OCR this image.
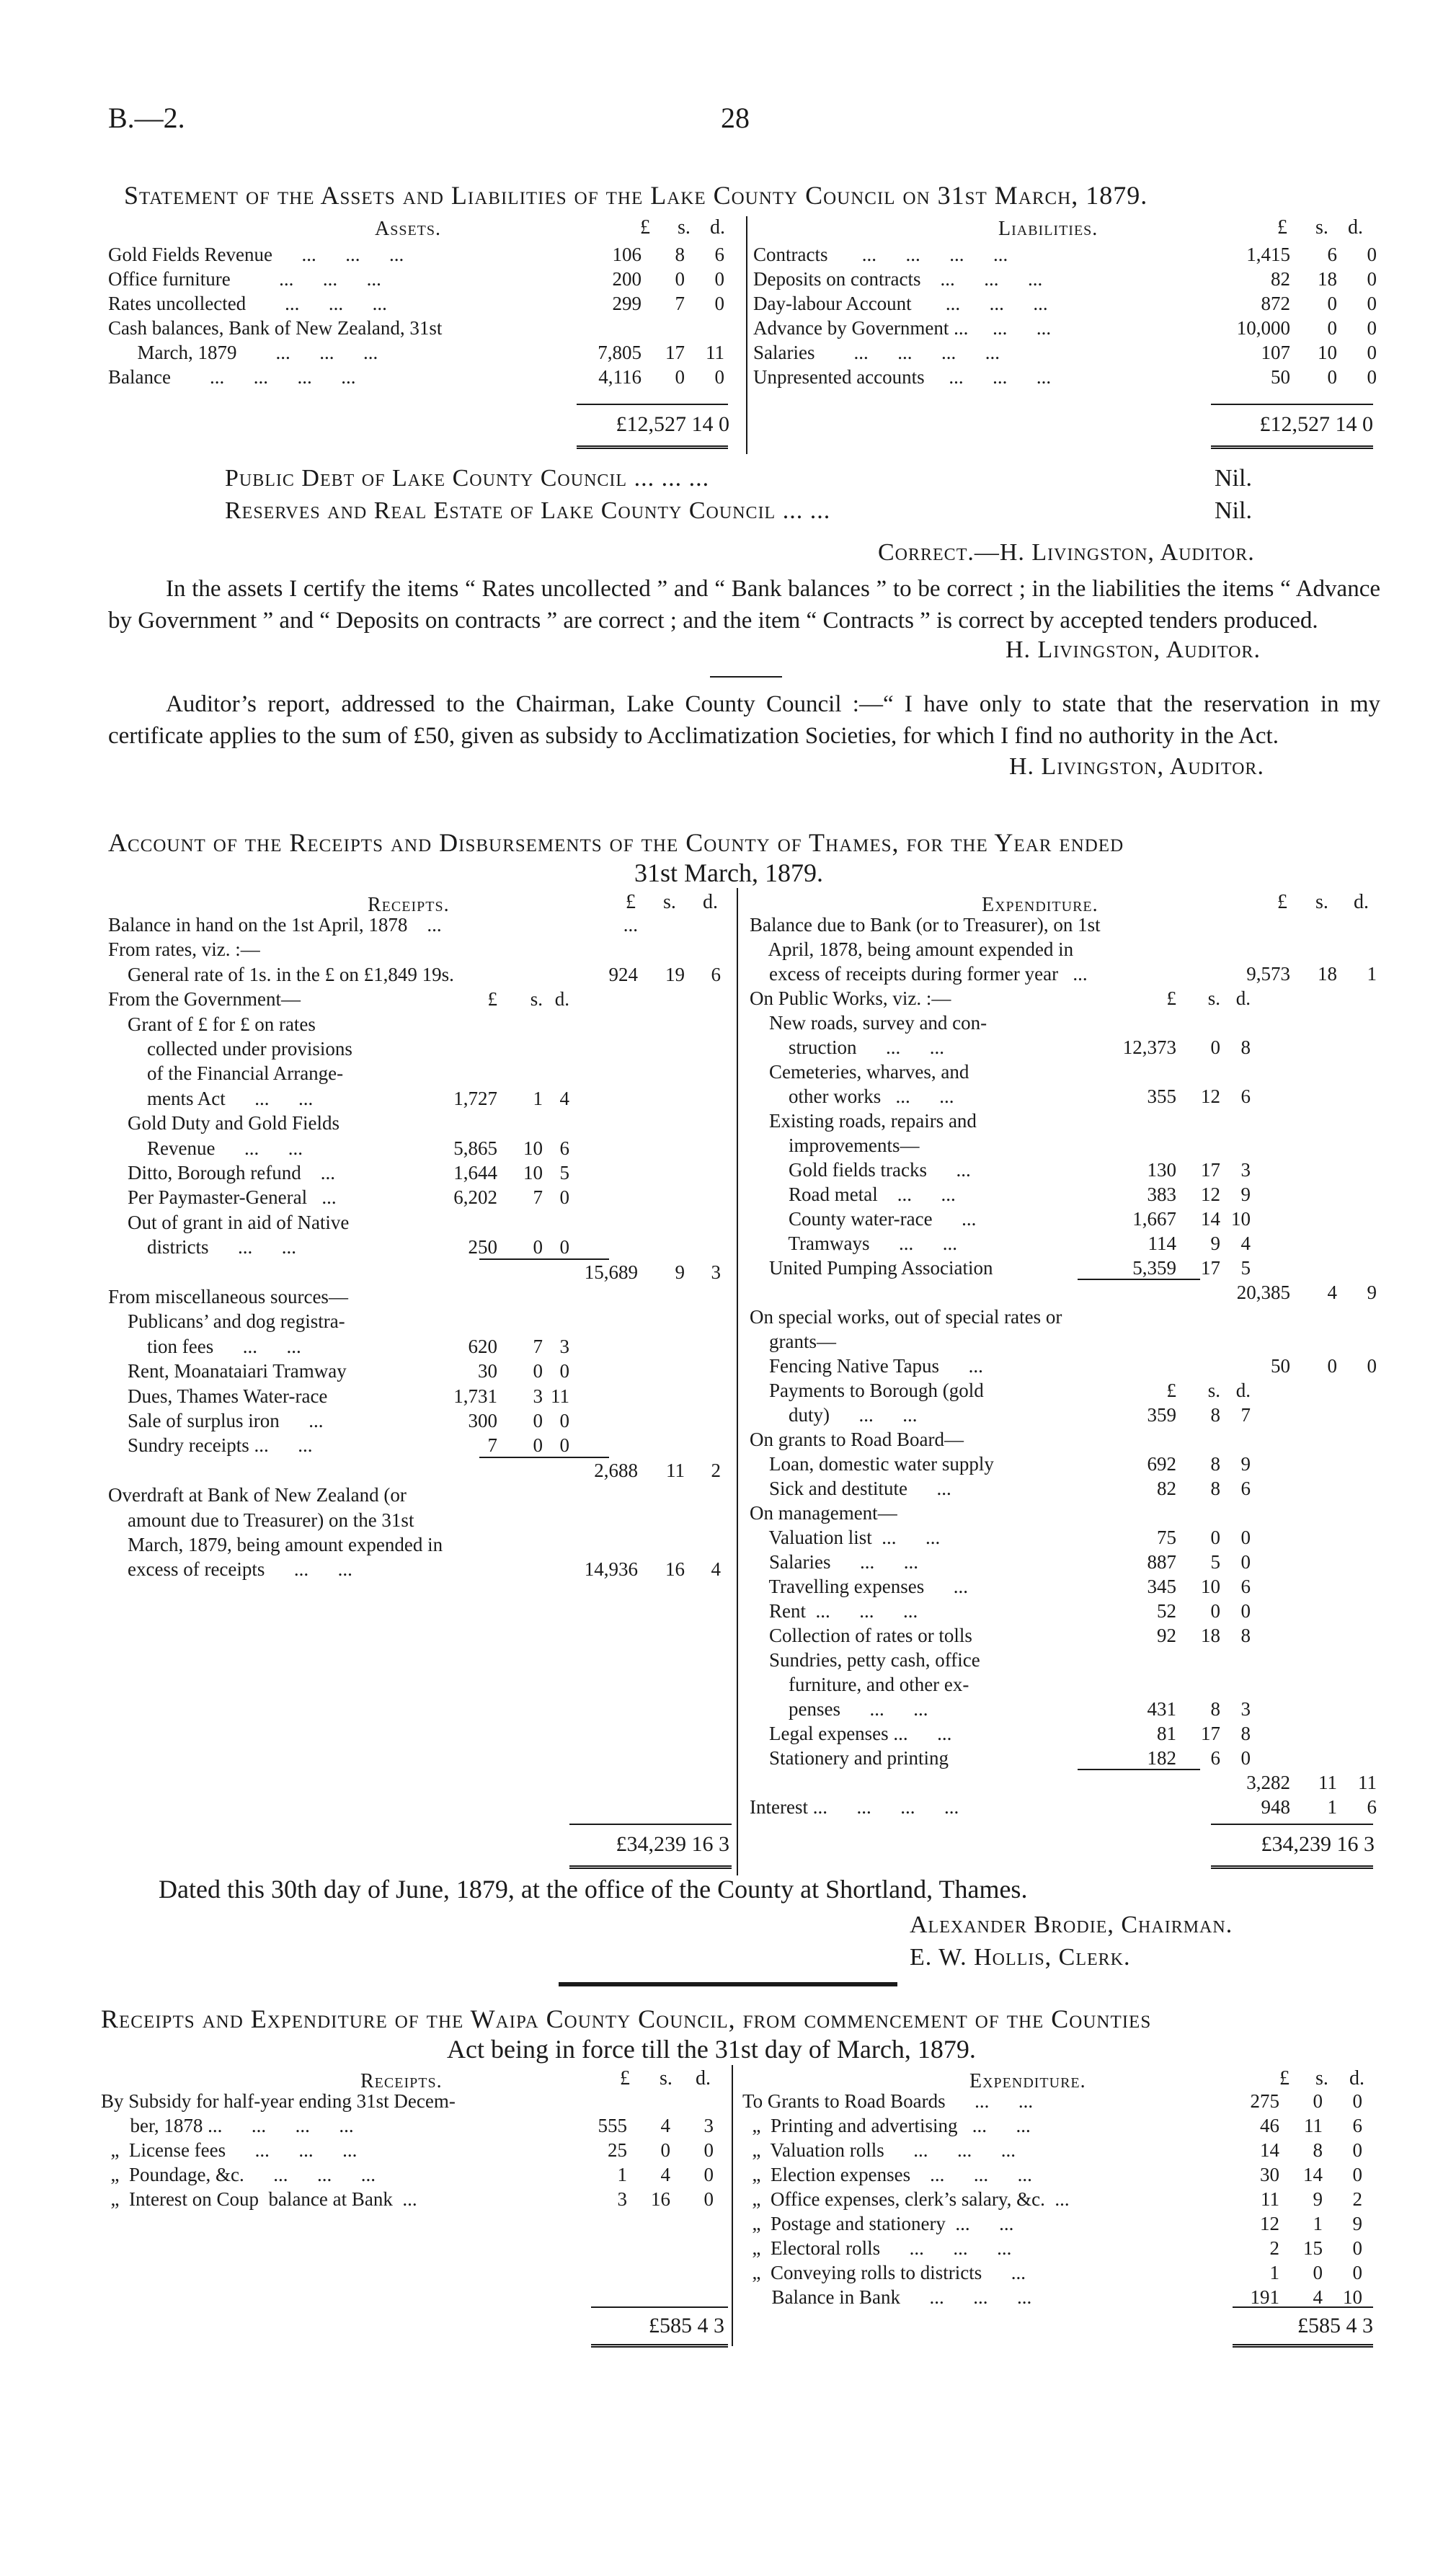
B.—2.	28
Statement of the Assets and Liabilities of the Lake County Council on 31st March, 1879.
Assets.	Liabilities.
£ s. d.	£ s. d.
Gold Fields Revenue      ...      ...      ...	106 8 6
Office furniture          ...      ...      ...	200 0 0
Rates uncollected        ...      ...      ...	299 7 0
Cash balances, Bank of New Zealand, 31st
March, 1879        ...      ...      ...	7,805 17 11
Balance        ...      ...      ...      ...	4,116 0 0
Contracts       ...      ...      ...      ...	1,415 6 0
Deposits on contracts    ...      ...      ...	82 18 0
Day-labour Account       ...      ...      ...	872 0 0
Advance by Government ...     ...      ...	10,000 0 0
Salaries        ...      ...      ...      ...	107 10 0
Unpresented accounts     ...      ...      ...	50 0 0
£12,527 14 0	£12,527 14 0
Public Debt of Lake County Council ... ... ...	Nil.
Reserves and Real Estate of Lake County Council ... ...	Nil.
Correct.—H. Livingston, Auditor.
In the assets I certify the items “ Rates uncollected ” and “ Bank balances ” to be correct ; in the liabilities the items “ Advance by Government ” and “ Deposits on contracts ” are correct ; and the item “ Contracts ” is correct by accepted tenders produced.
H. Livingston, Auditor.
Auditor’s report, addressed to the Chairman, Lake County Council :—“ I have only to state that the reservation in my certificate applies to the sum of £50, given as subsidy to Acclimatization Societies, for which I find no authority in the Act.
H. Livingston, Auditor.
Account of the Receipts and Disbursements of the County of Thames, for the Year ended
31st March, 1879.
Receipts.	£ s. d.	Expenditure.	£ s. d.
Balance in hand on the 1st April, 1878    ...	...
From rates, viz. :—
General rate of 1s. in the £ on £1,849 19s.	924 19 6
From the Government—	£ s. d.
Grant of £ for £ on rates
collected under provisions
of the Financial Arrange-
ments Act      ...      ...	1,727 1 4
Gold Duty and Gold Fields
Revenue      ...      ...	5,865 10 6
Ditto, Borough refund    ...	1,644 10 5
Per Paymaster-General   ...	6,202 7 0
Out of grant in aid of Native
districts      ...      ...	250 0 0
15,689 9 3
From miscellaneous sources—
Publicans’ and dog registra-
tion fees      ...      ...	620 7 3
Rent, Moanataiari Tramway	30 0 0
Dues, Thames Water-race	1,731 3 11
Sale of surplus iron      ...	300 0 0
Sundry receipts ...      ...	7 0 0
2,688 11 2
Overdraft at Bank of New Zealand (or
amount due to Treasurer) on the 31st
March, 1879, being amount expended in
excess of receipts      ...      ...	14,936 16 4
Balance due to Bank (or to Treasurer), on 1st
April, 1878, being amount expended in
excess of receipts during former year   ...	9,573 18 1
On Public Works, viz. :—	£ s. d.
New roads, survey and con-
struction      ...      ...	12,373 0 8
Cemeteries, wharves, and
other works   ...      ...	355 12 6
Existing roads, repairs and
improvements—
Gold fields tracks      ...	130 17 3
Road metal    ...      ...	383 12 9
County water-race      ...	1,667 14 10
Tramways      ...      ...	114 9 4
United Pumping Association	5,359 17 5
20,385 4 9
On special works, out of special rates or
grants—
Fencing Native Tapus      ...	50 0 0
Payments to Borough (gold	£ s. d.
duty)      ...      ...	359 8 7
On grants to Road Board—
Loan, domestic water supply	692 8 9
Sick and destitute      ...	82 8 6
On management—
Valuation list  ...      ...	75 0 0
Salaries      ...      ...	887 5 0
Travelling expenses      ...	345 10 6
Rent  ...      ...      ...	52 0 0
Collection of rates or tolls	92 18 8
Sundries, petty cash, office
furniture, and other ex-
penses      ...      ...	431 8 3
Legal expenses ...      ...	81 17 8
Stationery and printing	182 6 0
3,282 11 11
Interest ...      ...      ...      ...	948 1 6
£34,239 16 3	£34,239 16 3
Dated this 30th day of June, 1879, at the office of the County at Shortland, Thames.
Alexander Brodie, Chairman.
E. W. Hollis, Clerk.
Receipts and Expenditure of the Waipa County Council, from commencement of the Counties
Act being in force till the 31st day of March, 1879.
Receipts.	£ s. d.	Expenditure.	£ s. d.
By Subsidy for half-year ending 31st Decem-
ber, 1878 ...      ...      ...      ...	555 4 3
„  License fees      ...      ...      ...	25 0 0
„  Poundage, &c.      ...      ...      ...	1 4 0
„  Interest on Coup  balance at Bank  ...	3 16 0
To Grants to Road Boards      ...      ...	275 0 0
„  Printing and advertising   ...      ...	46 11 6
„  Valuation rolls      ...      ...      ...	14 8 0
„  Election expenses    ...      ...      ...	30 14 0
„  Office expenses, clerk’s salary, &c.  ...	11 9 2
„  Postage and stationery  ...      ...	12 1 9
„  Electoral rolls      ...      ...      ...	2 15 0
„  Conveying rolls to districts      ...	1 0 0
Balance in Bank      ...      ...      ...	191 4 10
£585 4 3	£585 4 3
